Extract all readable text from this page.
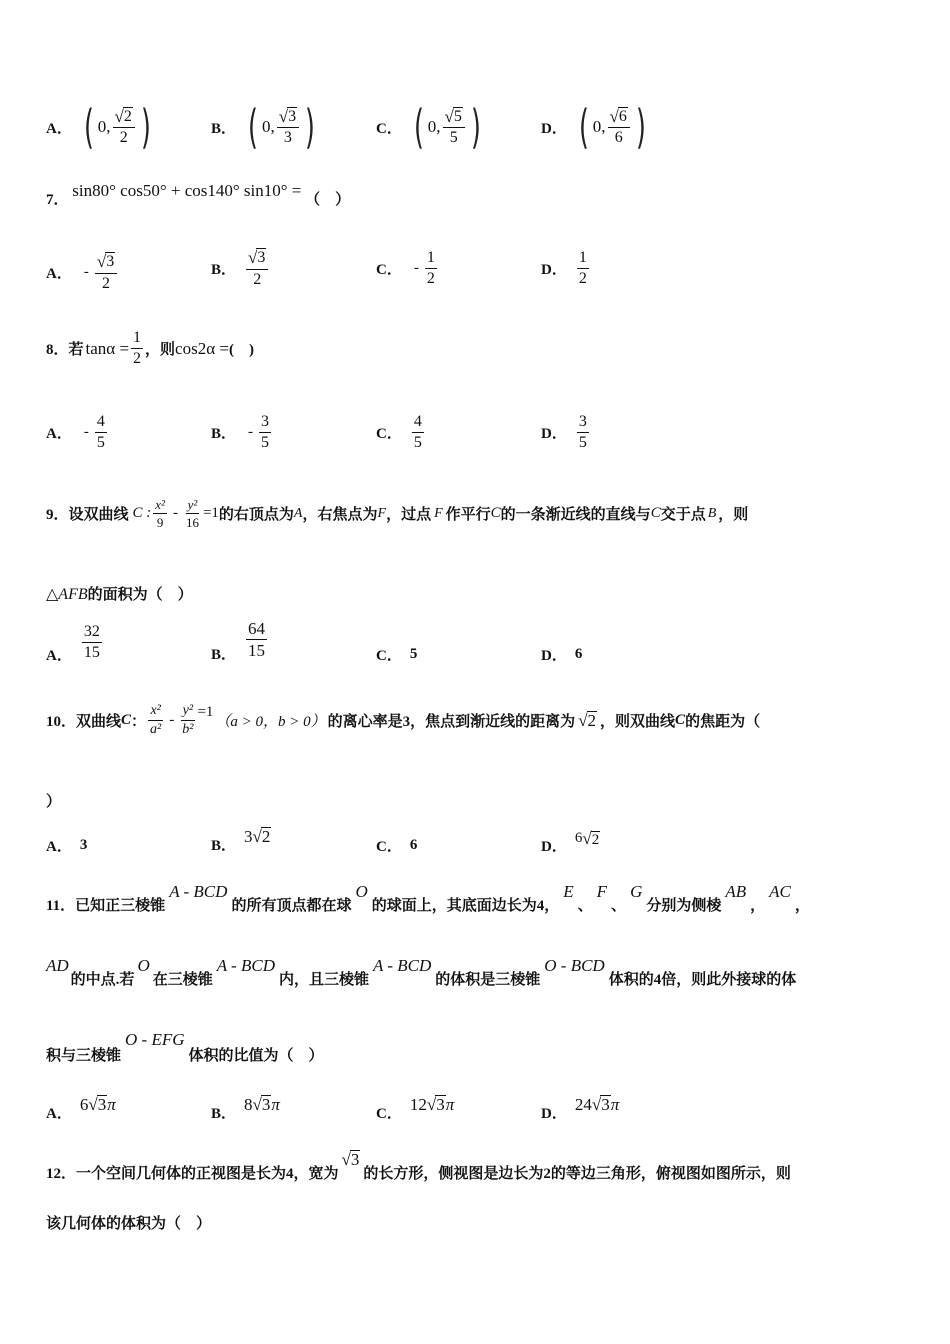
A． ( 0, $\frac{√ 2}{2}$ )	B． ( 0, $\frac{√ 3}{3}$ )	C． ( 0, $\frac{√ 5}{5}$ )	D． ( 0, $\frac{√ 6}{6}$ )
7． sin80° cos50° + cos140° sin10° = （　）
A． - $\frac{√ 3}{2}$	B． $\frac{√ 3}{2}$	C． - $\frac{1}{2}$	D． $\frac{1}{2}$
8．若 $\tan\alpha = \frac{1}{2}$ ，则 cos2α = (　)
A． - $\frac{4}{5}$	B． - $\frac{3}{5}$	C． $\frac{4}{5}$	D． $\frac{3}{5}$
9．设双曲线 C : $\frac{\text{x²}}{9} - \frac{\text{y²}}{16} =1$ 的右顶点为 A ，右焦点为 F ，过点 F 作平行 C 的一条渐近线的直线与 C 交于点 B ，则
△AFB的面积为（　）
A． $\frac{32}{15}$	B． $\frac{64}{15}$	C． 5	D． 6
10．双曲线 C ： $\frac{\text{x²}}{\text{a²}} - \frac{\text{y²}}{\text{b²}} =1$
（a > 0，b > 0） 的离心率是3，焦点到渐近线的距离为 √ 2 ，则双曲线 C 的焦距为（
）
A． 3	B．
3 √ 2
C． 6	D．
6 √ 2
11．已知正三棱锥
A - BCD
的所有顶点都在球
O
的球面上，其底面边长为4，
E
、
F
、
G
分别为侧棱
AB
，
AC
，
AD
的中点.若
O
在三棱锥
A - BCD
内，且三棱锥
A - BCD
的体积是三棱锥
O - BCD
体积的4倍，则此外接球的体
积与三棱锥
O - EFG
体积的比值为（　）
A．
6 √ 3 π
B．
8 √ 3 π
C．
12 √ 3 π
D．
24 √ 3 π
12．一个空间几何体的正视图是长为4，宽为
√ 3
的长方形，侧视图是边长为2的等边三角形，俯视图如图所示，则
该几何体的体积为（　）
